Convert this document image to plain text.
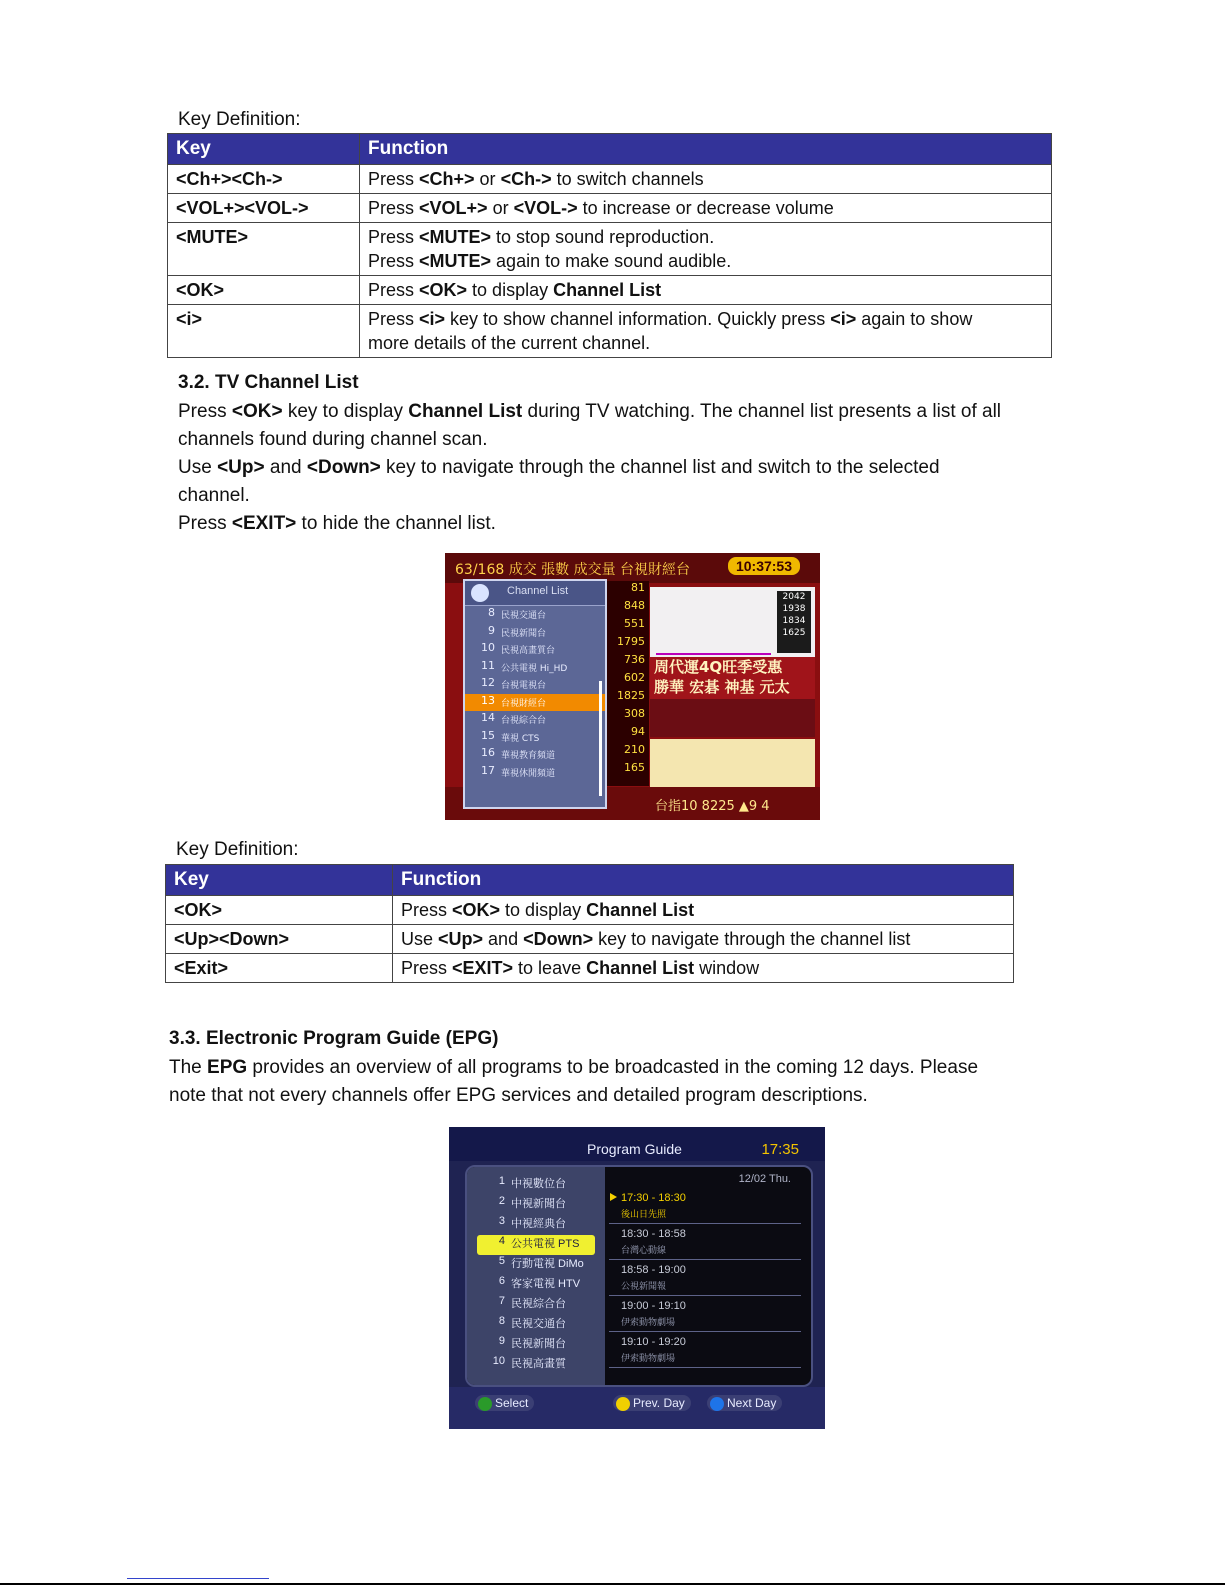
Key Definition:
Key	Function
<Ch+><Ch->	Press <Ch+> or <Ch-> to switch channels

<VOL+><VOL->	Press <VOL+> or <VOL-> to increase or decrease volume

<MUTE>	Press <MUTE> to stop sound reproduction.
Press <MUTE> again to make sound audible.

<OK>	Press <OK> to display Channel List

<i>	Press <i> key to show channel information. Quickly press <i> again to show
more details of the current channel.
3.2. TV Channel List

Press <OK> key to display Channel List during TV watching. The channel list presents a list of all

channels found during channel scan.

Use <Up> and <Down> key to navigate through the channel list and switch to the selected

channel.

Press <EXIT> to hide the channel list.

63/168 成交 張數 成交量 台視財經台	10:37:53
81
848
551
1795
736
602
1825
308
94
210
165
2042
1938
1834
1625
周代運4Q旺季受惠
勝華 宏碁 神基 元太
台指10 8225 ▲9 4
Channel List
8 民視交通台
9 民視新聞台
10 民視高畫質台
11 公共電視 Hi_HD
12 台視電視台
13 台視財經台
14 台視綜合台
15 華視 CTS
16 華視教育頻道
17 華視休閒頻道
Key Definition:
Key	Function
<OK>	Press <OK> to display Channel List
<Up><Down>	Use <Up> and <Down> key to navigate through the channel list
<Exit>	Press <EXIT> to leave Channel List window
3.3. Electronic Program Guide (EPG)

The EPG provides an overview of all programs to be broadcasted in the coming 12 days. Please

note that not every channels offer EPG services and detailed program descriptions.

Program Guide	17:35
1 中視數位台
2 中視新聞台
3 中視經典台
4 公共電視 PTS
5 行動電視 DiMo
6 客家電視 HTV
7 民視綜合台
8 民視交通台
9 民視新聞台
10 民視高畫質
12/02 Thu.
17:30 - 18:30
後山日先照
18:30 - 18:58
台灣心動線
18:58 - 19:00
公視新聞報
19:00 - 19:10
伊索動物劇場
19:10 - 19:20
伊索動物劇場
Select	Prev. Day	Next Day
